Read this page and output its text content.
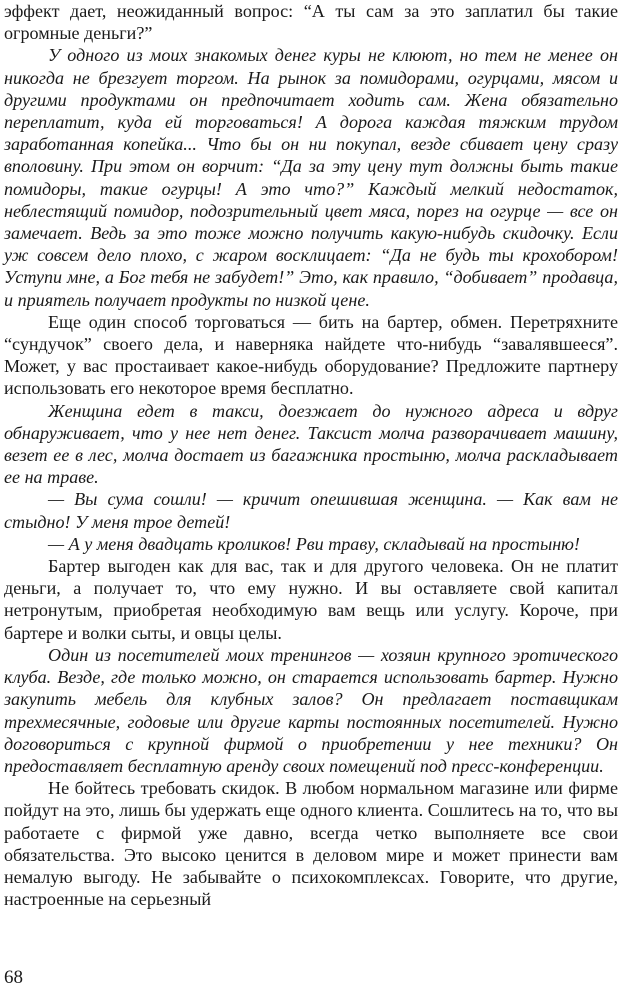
эффект дает, неожиданный вопрос: “А ты сам за это заплатил бы такие огромные деньги?”

У одного из моих знакомых денег куры не клюют, но тем не менее он никогда не брезгует торгом. На рынок за помидорами, огурцами, мясом и другими продуктами он предпочитает ходить сам. Жена обязательно переплатит, куда ей торговаться! А дорога каждая тяжким трудом заработанная копейка... Что бы он ни покупал, везде сбивает цену сразу вполовину. При этом он ворчит: “Да за эту цену тут должны быть такие помидоры, такие огурцы! А это что?” Каждый мелкий недостаток, неблестящий помидор, подозрительный цвет мяса, порез на огурце — все он замечает. Ведь за это тоже можно получить какую-нибудь скидочку. Если уж совсем дело плохо, с жаром восклицает: “Да не будь ты крохобором! Уступи мне, а Бог тебя не забудет!” Это, как правило, “добивает” продавца, и приятель получает продукты по низкой цене.

Еще один способ торговаться — бить на бартер, обмен. Перетряхните “сундучок” своего дела, и наверняка найдете что-нибудь “завалявшееся”. Может, у вас простаивает какое-нибудь оборудование? Предложите партнеру использовать его некоторое время бесплатно.

Женщина едет в такси, доезжает до нужного адреса и вдруг обнаруживает, что у нее нет денег. Таксист молча разворачивает машину, везет ее в лес, молча достает из багажника простыню, молча раскладывает ее на траве.

— Вы сума сошли! — кричит опешившая женщина. — Как вам не стыдно! У меня трое детей!

— А у меня двадцать кроликов! Рви траву, складывай на простыню!

Бартер выгоден как для вас, так и для другого человека. Он не платит деньги, а получает то, что ему нужно. И вы оставляете свой капитал нетронутым, приобретая необходимую вам вещь или услугу. Короче, при бартере и волки сыты, и овцы целы.

Один из посетителей моих тренингов — хозяин крупного эротического клуба. Везде, где только можно, он старается использовать бартер. Нужно закупить мебель для клубных залов? Он предлагает поставщикам трехмесячные, годовые или другие карты постоянных посетителей. Нужно договориться с крупной фирмой о приобретении у нее техники? Он предоставляет бесплатную аренду своих помещений под пресс-конференции.

Не бойтесь требовать скидок. В любом нормальном магазине или фирме пойдут на это, лишь бы удержать еще одного клиента. Сошлитесь на то, что вы работаете с фирмой уже давно, всегда четко выполняете все свои обязательства. Это высоко ценится в деловом мире и может принести вам немалую выгоду. Не забывайте о психокомплексах. Говорите, что другие, настроенные на серьезный

68
